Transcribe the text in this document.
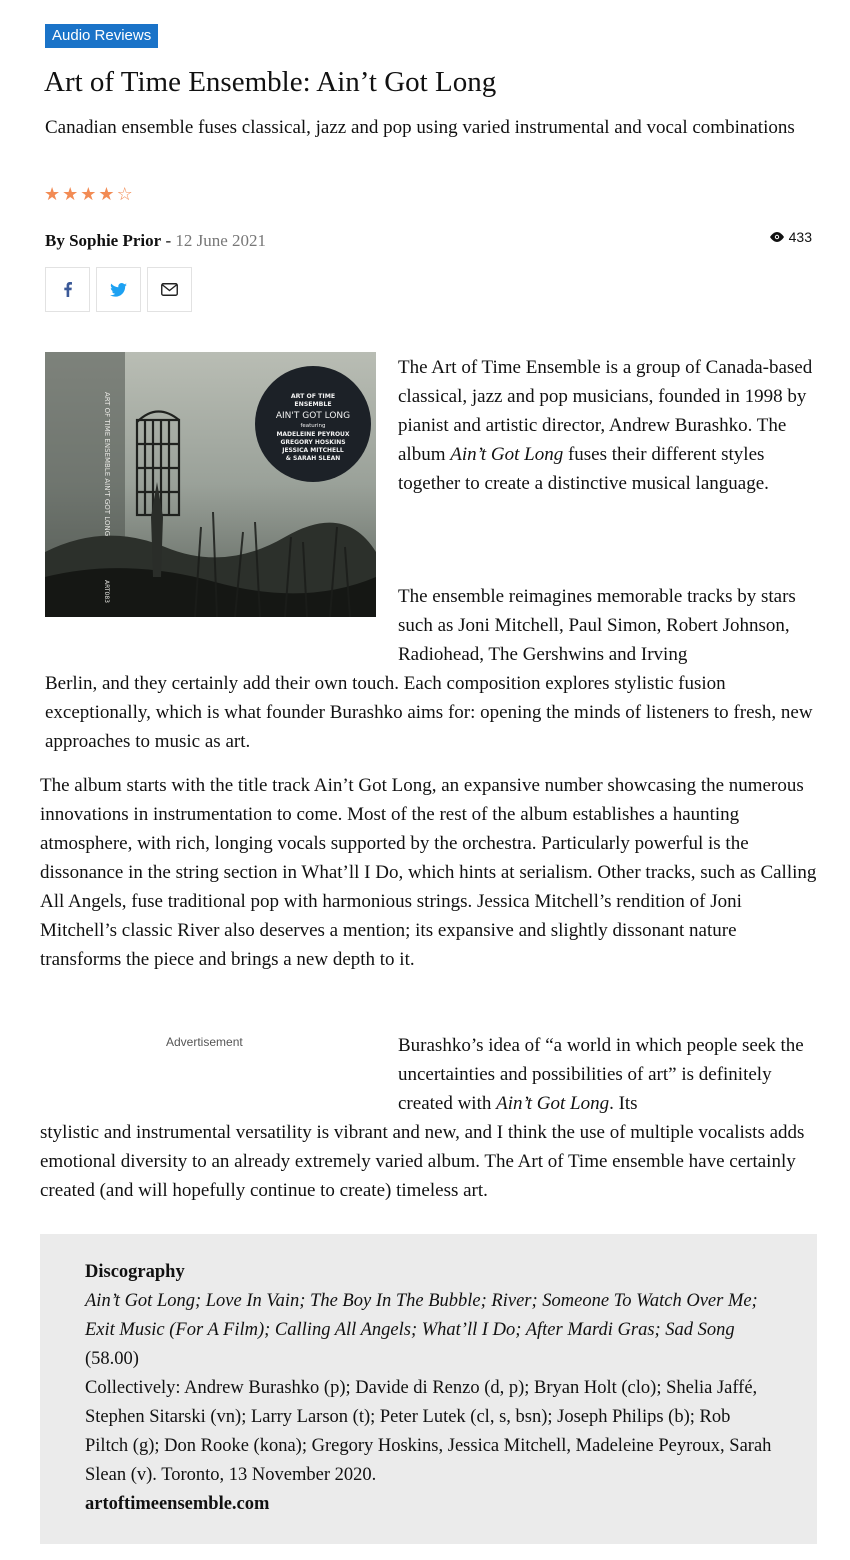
Audio Reviews
Art of Time Ensemble: Ain’t Got Long

Canadian ensemble fuses classical, jazz and pop using varied instrumental and vocal combinations

★★★★☆
By Sophie Prior - 12 June 2021	433
ART OF TIME ENSEMBLE AIN'T GOT LONG
ART083
ART OF TIME
ENSEMBLE
AIN'T GOT LONG
featuring
MADELEINE PEYROUX
GREGORY HOSKINS
JESSICA MITCHELL
& SARAH SLEAN

The Art of Time Ensemble is a group of Canada-based classical, jazz and pop musicians, founded in 1998 by pianist and artistic director, Andrew Burashko. The album Ain’t Got Long fuses their different styles together to create a distinctive musical language.

The ensemble reimagines memorable tracks by stars such as Joni Mitchell, Paul Simon, Robert Johnson, Radiohead, The Gershwins and Irving

Berlin, and they certainly add their own touch. Each composition explores stylistic fusion exceptionally, which is what founder Burashko aims for: opening the minds of listeners to fresh, new approaches to music as art.

The album starts with the title track Ain’t Got Long, an expansive number showcasing the numerous innovations in instrumentation to come. Most of the rest of the album establishes a haunting atmosphere, with rich, longing vocals supported by the orchestra. Particularly powerful is the dissonance in the string section in What’ll I Do, which hints at serialism. Other tracks, such as Calling All Angels, fuse traditional pop with harmonious strings. Jessica Mitchell’s rendition of Joni Mitchell’s classic River also deserves a mention; its expansive and slightly dissonant nature transforms the piece and brings a new depth to it.

Advertisement	Burashko’s idea of “a world in which people seek the uncertainties and possibilities of art” is definitely created with Ain’t Got Long. Its

stylistic and instrumental versatility is vibrant and new, and I think the use of multiple vocalists adds emotional diversity to an already extremely varied album. The Art of Time ensemble have certainly created (and will hopefully continue to create) timeless art.

Discography
Ain’t Got Long; Love In Vain; The Boy In The Bubble; River; Someone To Watch Over Me; Exit Music (For A Film); Calling All Angels; What’ll I Do; After Mardi Gras; Sad Song (58.00)
Collectively: Andrew Burashko (p); Davide di Renzo (d, p); Bryan Holt (clo); Shelia Jaffé, Stephen Sitarski (vn); Larry Larson (t); Peter Lutek (cl, s, bsn); Joseph Philips (b); Rob Piltch (g); Don Rooke (kona); Gregory Hoskins, Jessica Mitchell, Madeleine Peyroux, Sarah Slean (v). Toronto, 13 November 2020.
artoftimeensemble.com
